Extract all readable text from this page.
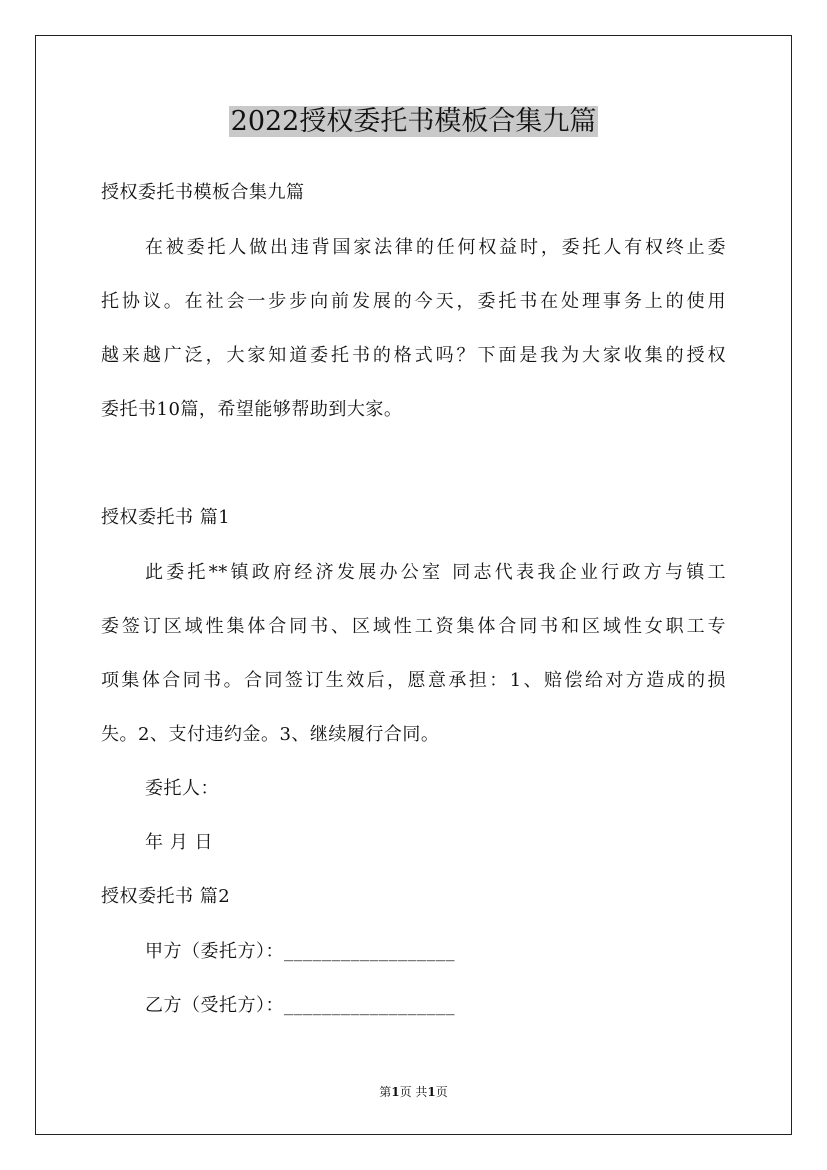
2022授权委托书模板合集九篇
授权委托书模板合集九篇
在被委托人做出违背国家法律的任何权益时，委托人有权终止委
托协议。在社会一步步向前发展的今天，委托书在处理事务上的使用
越来越广泛，大家知道委托书的格式吗？下面是我为大家收集的授权
委托书10篇，希望能够帮助到大家。
授权委托书 篇1
此委托**镇政府经济发展办公室 同志代表我企业行政方与镇工
委签订区域性集体合同书、区域性工资集体合同书和区域性女职工专
项集体合同书。合同签订生效后，愿意承担：1、赔偿给对方造成的损
失。2、支付违约金。3、继续履行合同。
委托人：
年 月 日
授权委托书 篇2
甲方（委托方）：__________________
乙方（受托方）：__________________
第1页 共1页
